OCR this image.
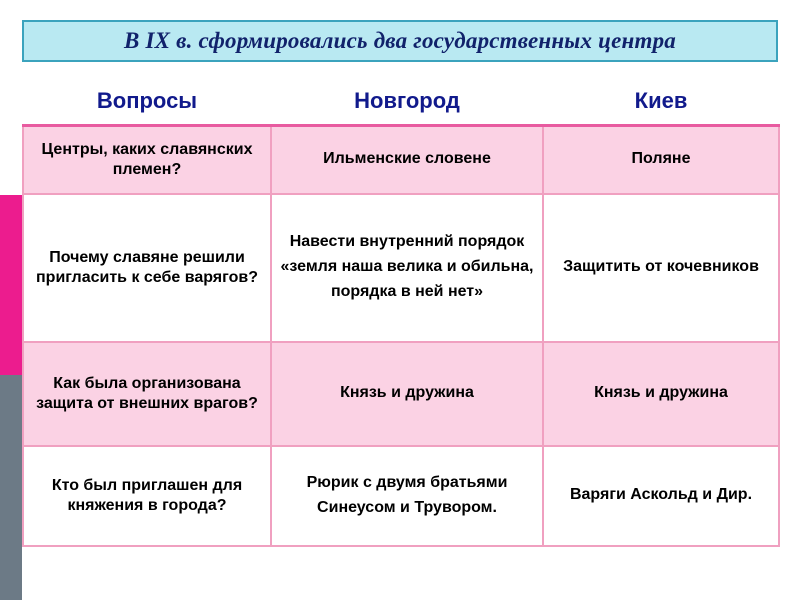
В IX в. сформировались два государственных центра
Вопросы	Новгород	Киев
Центры, каких славянских племен?	Ильменские словене	Поляне
Почему славяне решили пригласить к себе варягов?	Навести внутренний порядок «земля наша велика и обильна, порядка в ней нет»	Защитить от кочевников
Как была организована защита от внешних врагов?	Князь и дружина	Князь и дружина
Кто был приглашен для княжения в города?	Рюрик с двумя братьями Синеусом и Трувором.	Варяги Аскольд и Дир.
